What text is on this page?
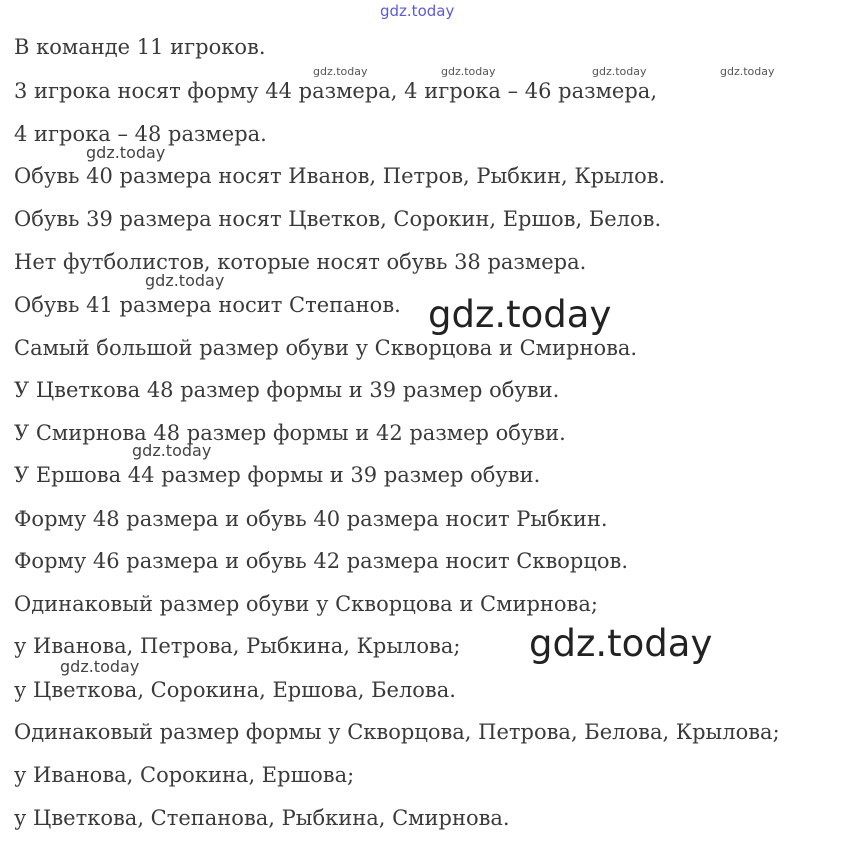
gdz.today
В команде 11 игроков.
3 игрока носят форму 44 размера, 4 игрока – 46 размера,
4 игрока – 48 размера.
Обувь 40 размера носят Иванов, Петров, Рыбкин, Крылов.
Обувь 39 размера носят Цветков, Сорокин, Ершов, Белов.
Нет футболистов, которые носят обувь 38 размера.
Обувь 41 размера носит Степанов.
Самый большой размер обуви у Скворцова и Смирнова.
У Цветкова 48 размер формы и 39 размер обуви.
У Смирнова 48 размер формы и 42 размер обуви.
У Ершова 44 размер формы и 39 размер обуви.
Форму 48 размера и обувь 40 размера носит Рыбкин.
Форму 46 размера и обувь 42 размера носит Скворцов.
Одинаковый размер обуви у Скворцова и Смирнова;
у Иванова, Петрова, Рыбкина, Крылова;
у Цветкова, Сорокина, Ершова, Белова.
Одинаковый размер формы у Скворцова, Петрова, Белова, Крылова;
у Иванова, Сорокина, Ершова;
у Цветкова, Степанова, Рыбкина, Смирнова.
gdz.today	gdz.today	gdz.today	gdz.today
gdz.today
gdz.today
gdz.today
gdz.today
gdz.today
gdz.today
